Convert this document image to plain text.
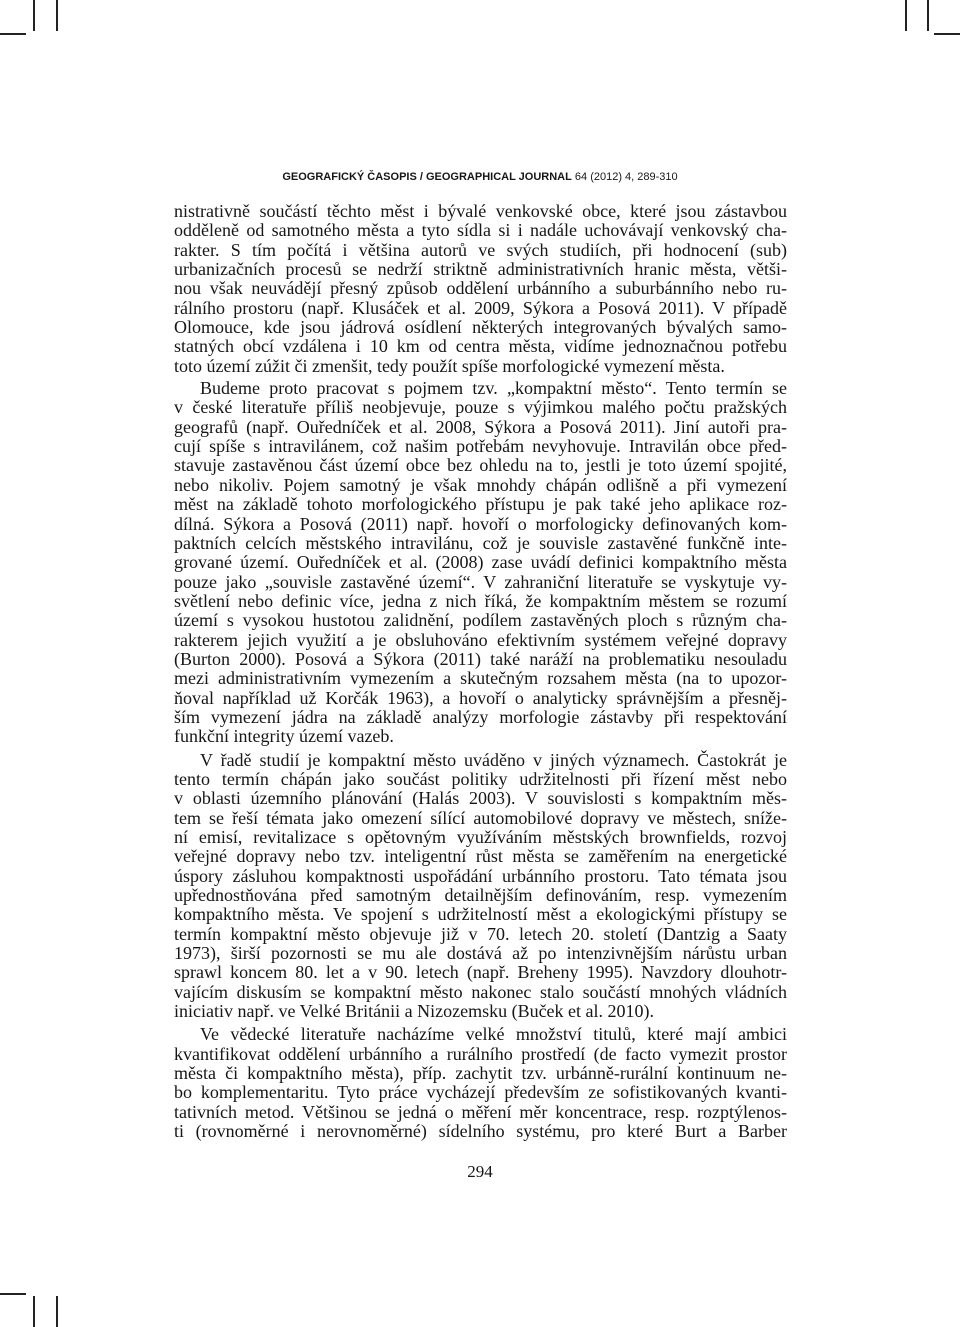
GEOGRAFICKÝ ČASOPIS / GEOGRAPHICAL JOURNAL 64 (2012) 4, 289-310
nistrativně součástí těchto měst i bývalé venkovské obce, které jsou zástavbou
odděleně od samotného města a tyto sídla si i nadále uchovávají venkovský cha-
rakter. S tím počítá i většina autorů ve svých studiích, při hodnocení (sub)
urbanizačních procesů se nedrží striktně administrativních hranic města, větši-
nou však neuvádějí přesný způsob oddělení urbánního a suburbánního nebo ru-
rálního prostoru (např. Klusáček et al. 2009, Sýkora a Posová 2011). V případě
Olomouce, kde jsou jádrová osídlení některých integrovaných bývalých samo-
statných obcí vzdálena i 10 km od centra města, vidíme jednoznačnou potřebu
toto území zúžit či zmenšit, tedy použít spíše morfologické vymezení města.
Budeme proto pracovat s pojmem tzv. „kompaktní město“. Tento termín se
v české literatuře příliš neobjevuje, pouze s výjimkou malého počtu pražských
geografů (např. Ouředníček et al. 2008, Sýkora a Posová 2011). Jiní autoři pra-
cují spíše s intravilánem, což našim potřebám nevyhovuje. Intravilán obce před-
stavuje zastavěnou část území obce bez ohledu na to, jestli je toto území spojité,
nebo nikoliv. Pojem samotný je však mnohdy chápán odlišně a při vymezení
měst na základě tohoto morfologického přístupu je pak také jeho aplikace roz-
dílná. Sýkora a Posová (2011) např. hovoří o morfologicky definovaných kom-
paktních celcích městského intravilánu, což je souvisle zastavěné funkčně inte-
grované území. Ouředníček et al. (2008) zase uvádí definici kompaktního města
pouze jako „souvisle zastavěné území“. V zahraniční literatuře se vyskytuje vy-
světlení nebo definic více, jedna z nich říká, že kompaktním městem se rozumí
území s vysokou hustotou zalidnění, podílem zastavěných ploch s různým cha-
rakterem jejich využití a je obsluhováno efektivním systémem veřejné dopravy
(Burton 2000). Posová a Sýkora (2011) také naráží na problematiku nesouladu
mezi administrativním vymezením a skutečným rozsahem města (na to upozor-
ňoval například už Korčák 1963), a hovoří o analyticky správnějším a přesněj-
ším vymezení jádra na základě analýzy morfologie zástavby při respektování
funkční integrity území vazeb.
V řadě studií je kompaktní město uváděno v jiných významech. Častokrát je
tento termín chápán jako součást politiky udržitelnosti při řízení měst nebo
v oblasti územního plánování (Halás 2003). V souvislosti s kompaktním měs-
tem se řeší témata jako omezení sílící automobilové dopravy ve městech, sníže-
ní emisí, revitalizace s opětovným využíváním městských brownfields, rozvoj
veřejné dopravy nebo tzv. inteligentní růst města se zaměřením na energetické
úspory zásluhou kompaktnosti uspořádání urbánního prostoru. Tato témata jsou
upřednostňována před samotným detailnějším definováním, resp. vymezením
kompaktního města. Ve spojení s udržitelností měst a ekologickými přístupy se
termín kompaktní město objevuje již v 70. letech 20. století (Dantzig a Saaty
1973), širší pozornosti se mu ale dostává až po intenzivnějším nárůstu urban
sprawl koncem 80. let a v 90. letech (např. Breheny 1995). Navzdory dlouhotr-
vajícím diskusím se kompaktní město nakonec stalo součástí mnohých vládních
iniciativ např. ve Velké Británii a Nizozemsku (Buček et al. 2010).
Ve vědecké literatuře nacházíme velké množství titulů, které mají ambici
kvantifikovat oddělení urbánního a rurálního prostředí (de facto vymezit prostor
města či kompaktního města), příp. zachytit tzv. urbánně-rurální kontinuum ne-
bo komplementaritu. Tyto práce vycházejí především ze sofistikovaných kvanti-
tativních metod. Většinou se jedná o měření měr koncentrace, resp. rozptýlenos-
ti (rovnoměrné i nerovnoměrné) sídelního systému, pro které Burt a Barber
294
